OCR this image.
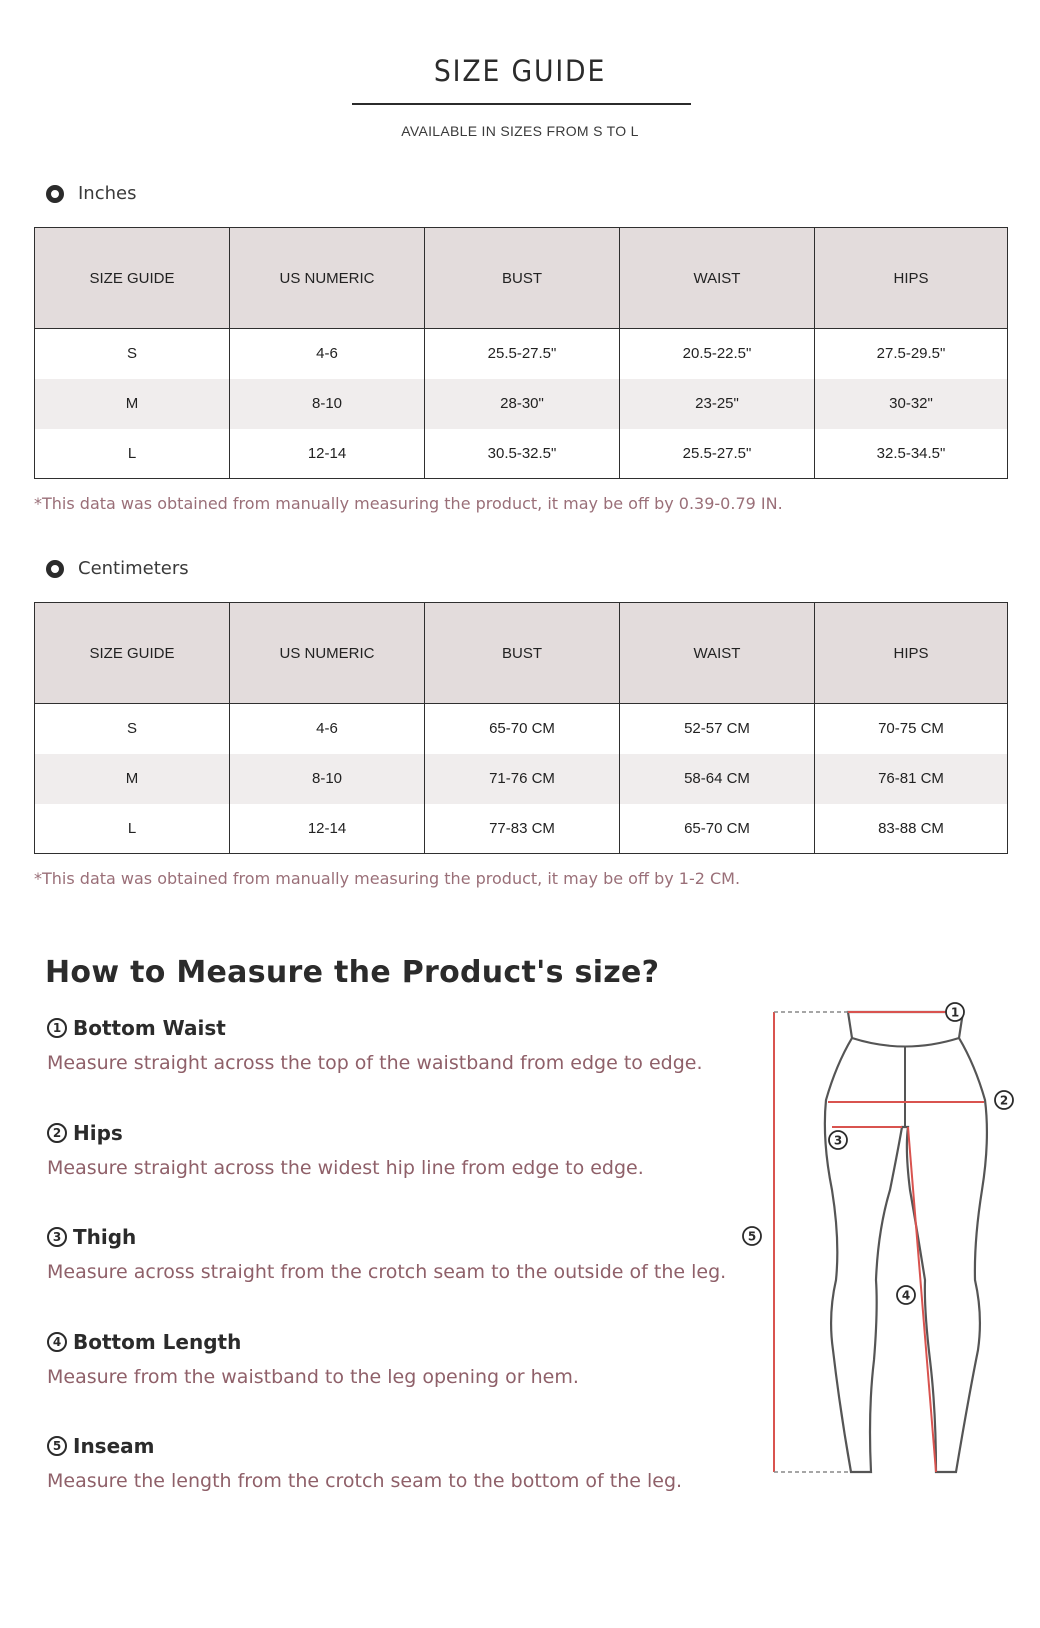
SIZE GUIDE
AVAILABLE IN SIZES FROM S TO L
Inches
SIZE GUIDE	US NUMERIC	BUST	WAIST	HIPS
S	4-6	25.5-27.5"	20.5-22.5"	27.5-29.5"
M	8-10	28-30"	23-25"	30-32"
L	12-14	30.5-32.5"	25.5-27.5"	32.5-34.5"
*This data was obtained from manually measuring the product, it may be off by 0.39-0.79 IN.
Centimeters
SIZE GUIDE	US NUMERIC	BUST	WAIST	HIPS
S	4-6	65-70 CM	52-57 CM	70-75 CM
M	8-10	71-76 CM	58-64 CM	76-81 CM
L	12-14	77-83 CM	65-70 CM	83-88 CM
*This data was obtained from manually measuring the product, it may be off by 1-2 CM.
How to Measure the Product's size?
1 Bottom Waist
Measure straight across the top of the waistband from edge to edge.
2 Hips
Measure straight across the widest hip line from edge to edge.
3 Thigh
Measure across straight from the crotch seam to the outside of the leg.
4 Bottom Length
Measure from the waistband to the leg opening or hem.
5 Inseam
Measure the length from the crotch seam to the bottom of the leg.
1
2
3
4
5
